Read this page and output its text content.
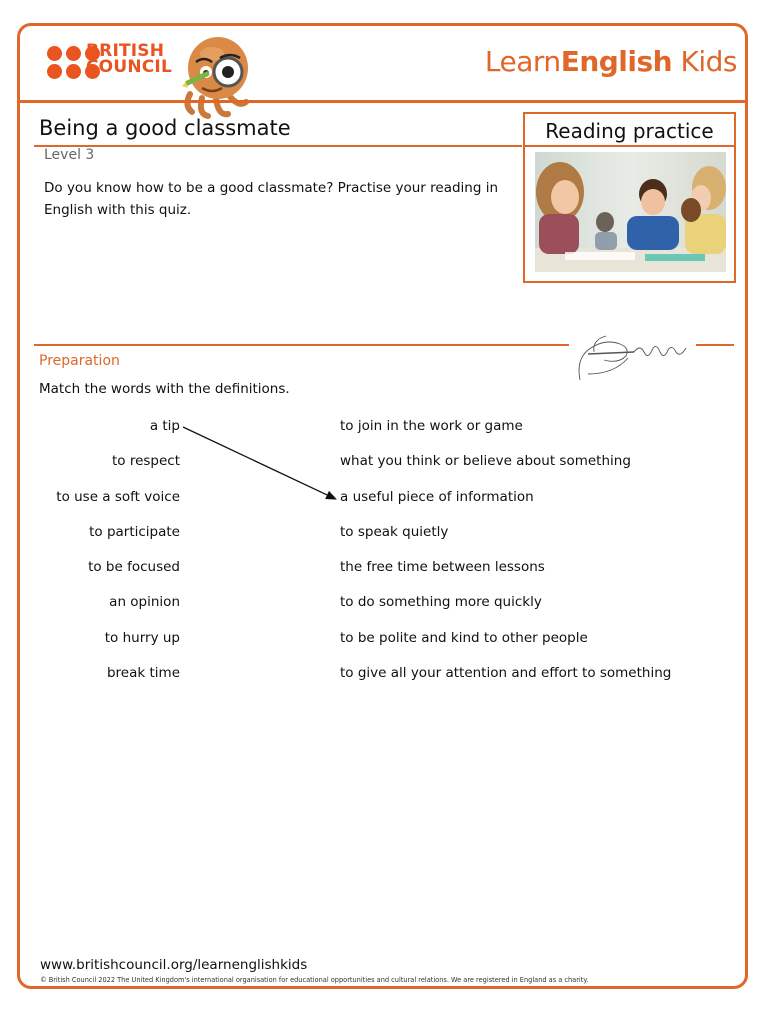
BRITISH
COUNCIL	LearnEnglish Kids
Being a good classmate
Level 3
Do you know how to be a good classmate? Practise your reading in English with this quiz.
Reading practice
Preparation
Match the words with the definitions.
a tip
to respect
to use a soft voice
to participate
to be focused
an opinion
to hurry up
break time
to join in the work or game
what you think or believe about something
a useful piece of information
to speak quietly
the free time between lessons
to do something more quickly
to be polite and kind to other people
to give all your attention and effort to something
www.britishcouncil.org/learnenglishkids
© British Council 2022 The United Kingdom's international organisation for educational opportunities and cultural relations. We are registered in England as a charity.
